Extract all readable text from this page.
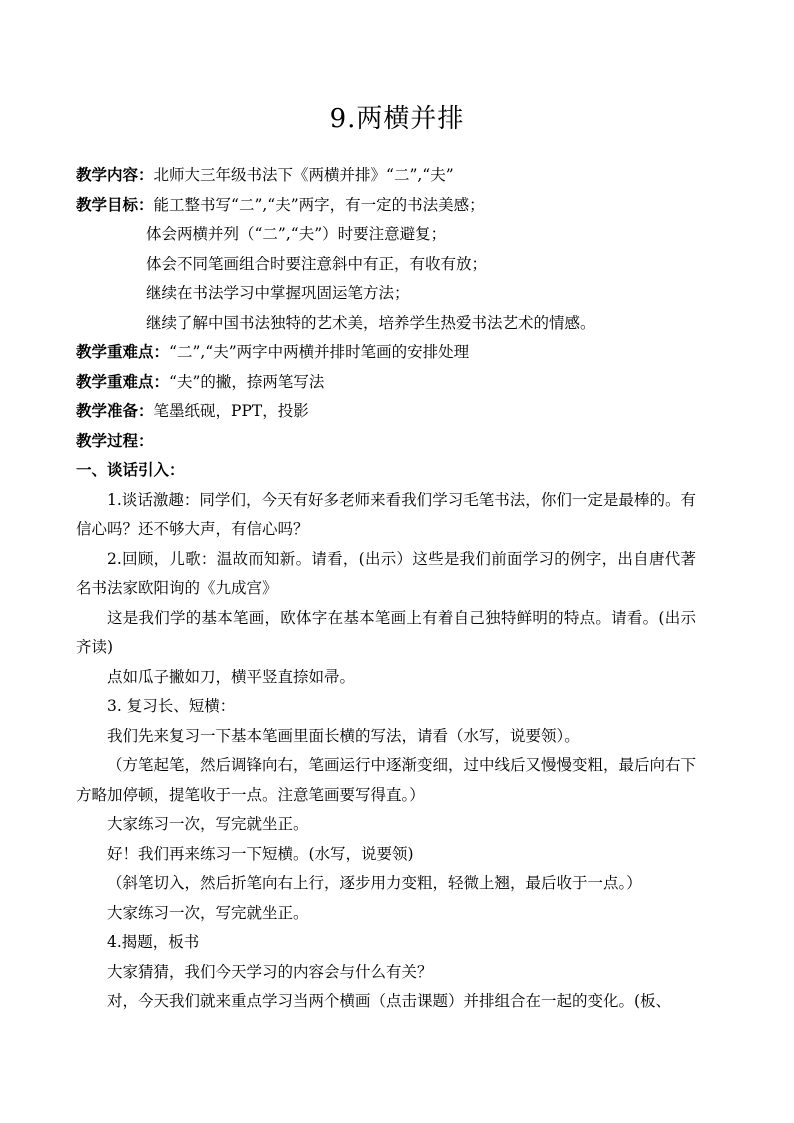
9.两横并排
教学内容：北师大三年级书法下《两横并排》“二”,“夫”
教学目标：能工整书写“二”,“夫”两字，有一定的书法美感；
体会两横并列（“二”,“夫”）时要注意避复；
体会不同笔画组合时要注意斜中有正，有收有放；
继续在书法学习中掌握巩固运笔方法；
继续了解中国书法独特的艺术美，培养学生热爱书法艺术的情感。
教学重难点：“二”,“夫”两字中两横并排时笔画的安排处理
教学重难点：“夫”的撇，捺两笔写法
教学准备：笔墨纸砚，PPT，投影
教学过程：
一、谈话引入：
1.谈话激趣：同学们，今天有好多老师来看我们学习毛笔书法，你们一定是最棒的。有信心吗？还不够大声，有信心吗？
2.回顾，儿歌：温故而知新。请看，(出示）这些是我们前面学习的例字，出自唐代著名书法家欧阳询的《九成宫》
这是我们学的基本笔画，欧体字在基本笔画上有着自己独特鲜明的特点。请看。(出示齐读)
点如瓜子撇如刀，横平竖直捺如帚。
3. 复习长、短横：
我们先来复习一下基本笔画里面长横的写法，请看（水写，说要领）。
（方笔起笔，然后调锋向右，笔画运行中逐渐变细，过中线后又慢慢变粗，最后向右下方略加停顿，提笔收于一点。注意笔画要写得直。）
大家练习一次，写完就坐正。
好！我们再来练习一下短横。(水写，说要领)
（斜笔切入，然后折笔向右上行，逐步用力变粗，轻微上翘，最后收于一点。）
大家练习一次，写完就坐正。
4.揭题，板书
大家猜猜，我们今天学习的内容会与什么有关？
对，今天我们就来重点学习当两个横画（点击课题）并排组合在一起的变化。(板、
